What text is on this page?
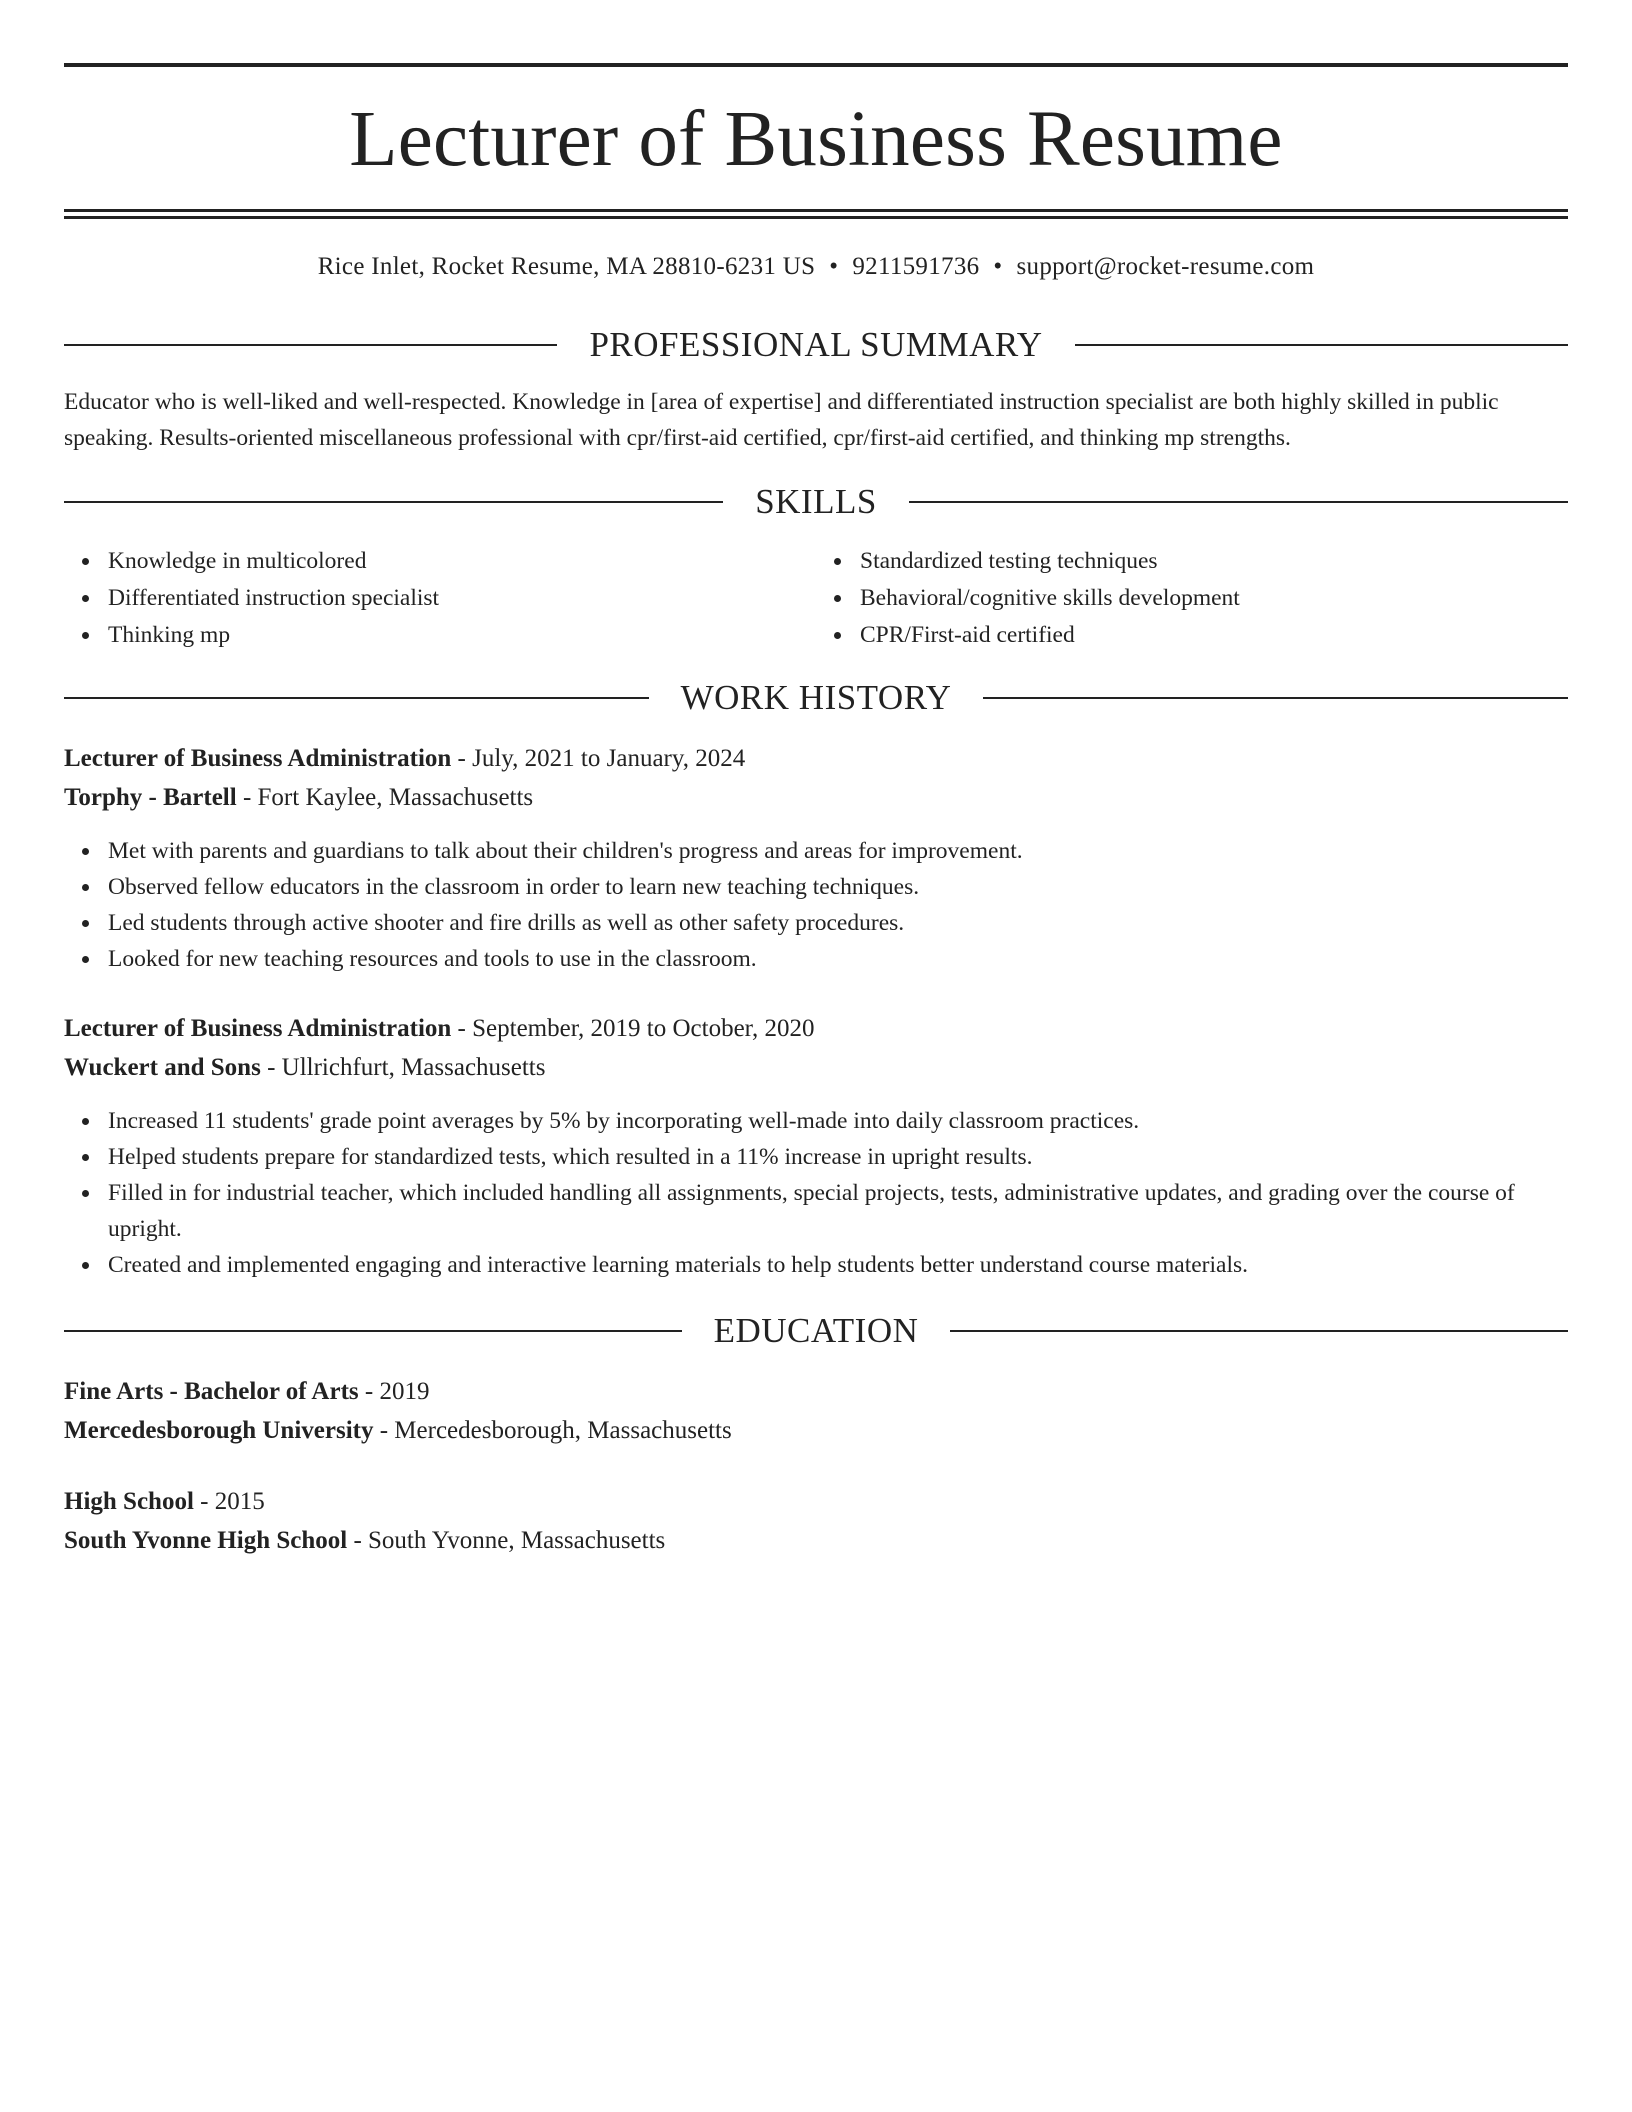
Lecturer of Business Resume
Rice Inlet, Rocket Resume, MA 28810-6231 US • 9211591736 • support@rocket-resume.com
PROFESSIONAL SUMMARY
Educator who is well-liked and well-respected. Knowledge in [area of expertise] and differentiated instruction specialist are both highly skilled in public speaking. Results-oriented miscellaneous professional with cpr/first-aid certified, cpr/first-aid certified, and thinking mp strengths.
SKILLS
Knowledge in multicolored
Differentiated instruction specialist
Thinking mp
Standardized testing techniques
Behavioral/cognitive skills development
CPR/First-aid certified
WORK HISTORY
Lecturer of Business Administration - July, 2021 to January, 2024
Torphy - Bartell - Fort Kaylee, Massachusetts
Met with parents and guardians to talk about their children's progress and areas for improvement.
Observed fellow educators in the classroom in order to learn new teaching techniques.
Led students through active shooter and fire drills as well as other safety procedures.
Looked for new teaching resources and tools to use in the classroom.
Lecturer of Business Administration - September, 2019 to October, 2020
Wuckert and Sons - Ullrichfurt, Massachusetts
Increased 11 students' grade point averages by 5% by incorporating well-made into daily classroom practices.
Helped students prepare for standardized tests, which resulted in a 11% increase in upright results.
Filled in for industrial teacher, which included handling all assignments, special projects, tests, administrative updates, and grading over the course of upright.
Created and implemented engaging and interactive learning materials to help students better understand course materials.
EDUCATION
Fine Arts - Bachelor of Arts - 2019
Mercedesborough University - Mercedesborough, Massachusetts
High School - 2015
South Yvonne High School - South Yvonne, Massachusetts
